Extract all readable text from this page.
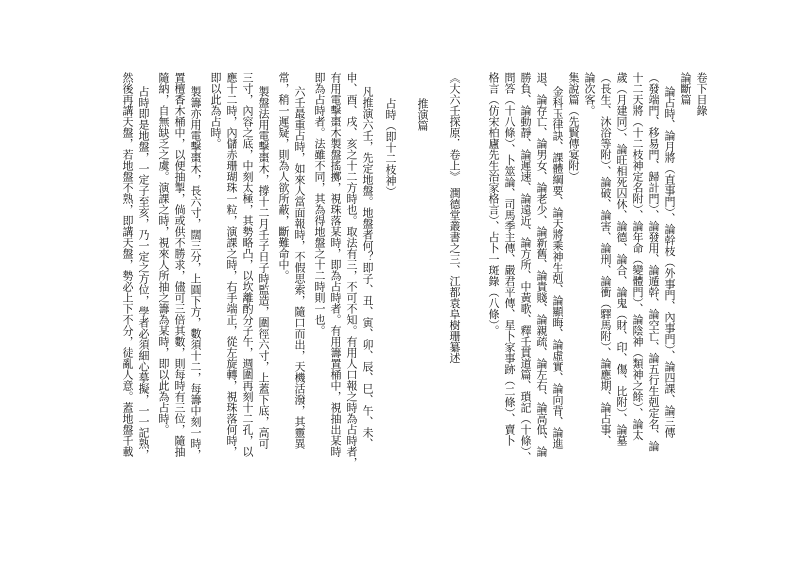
卷下目錄
論斷篇
論占時、論月將（直事門）、論幹枝（外事門、內事門）、論四課、論三傳
（發端門、移易門、歸計門）、論發用、論遁幹、論空亡、論五行生剋定名、論
十二天將（十二枝神定名附）、論年命（變體門）、論陰神（類神之餘）、論太
歲（月建同）、論旺相死囚休、論德、論合、論鬼（財、印、傷、比附）、論墓
（長生、沐浴等附）、論破、論害、論刑、論衝（驛馬附）、論應期、論占事、
論次客。
集說篇（先賢傳宴附）
金科玉律訣、課體綱要、論天將乘神生剋、論顯晦、論虛實、論向背、論進
退、論存亡、論男女、論老少、論新舊、論貴賤、論親疏、論左右、論高低、論
勝負、論動靜、論遲速、論遠近、論方所、中黃歌、釋壬貫道篇、瑣記（十條）、
問答（十八條）、卜筮論、司馬季主傳、嚴君平傳、星卜家事跡（二條）、賣卜
格言（仿宋柏廬先生治家格言）、占卜一斑錄（八條）。
《大六壬探原．卷上》　潤德堂叢書之三、江都袁阜樹珊纂述
推演篇
占時（即十二枝神）
凡推演六壬，先定地盤。地盤者何？即子、丑、寅、卯、辰、巳、午、未、
申、酉、戌、亥之十二方時也。取法有三，不可不知。有用人口報之時為占時者，
有用電擊棗木製盤搖擲，視珠落某時，即為占時者。有用籌置桶中，視抽出某時
即為占時者。法雖不同，其為得地盤之十二時則一也。
六壬最重占時，如來人當面報時，不假思索，隨口而出，天機活潑，其靈異
常，稍一遲疑，則為人欲所蔽，斷難命中。
製盤法用電擊棗木，撐十二月壬子日子時監造，圍徑六寸，上蓋下底，高可
三寸，內容之底，中刻太極，其勢略凸，以坎離酌分子午，週圍再刻十二孔，以
應十二時，內儲赤珊瑚珠一粒，演課之時，右手端正，從左旋轉，視珠落何時，
即以此為占時。
製籌亦用電擊棗木，長六寸，闊三分，上圓下方，數須十二，每籌中刻一時，
置檀香木桶中，以便抽掣，倘或供不勝求，儘可三倍其數，則每時有三位，隨抽
隨納，自無缺乏之虞。演課之時，視來人所抽之籌為某時，即以此為占時。
占時即是地盤，一定子至亥，乃一定之方位，學者必須細心摹擬，一一記熟，
然後再講天盤，若地盤不熟，即講天盤，勢必上下不分，徒亂人意。蓋地盤千載
